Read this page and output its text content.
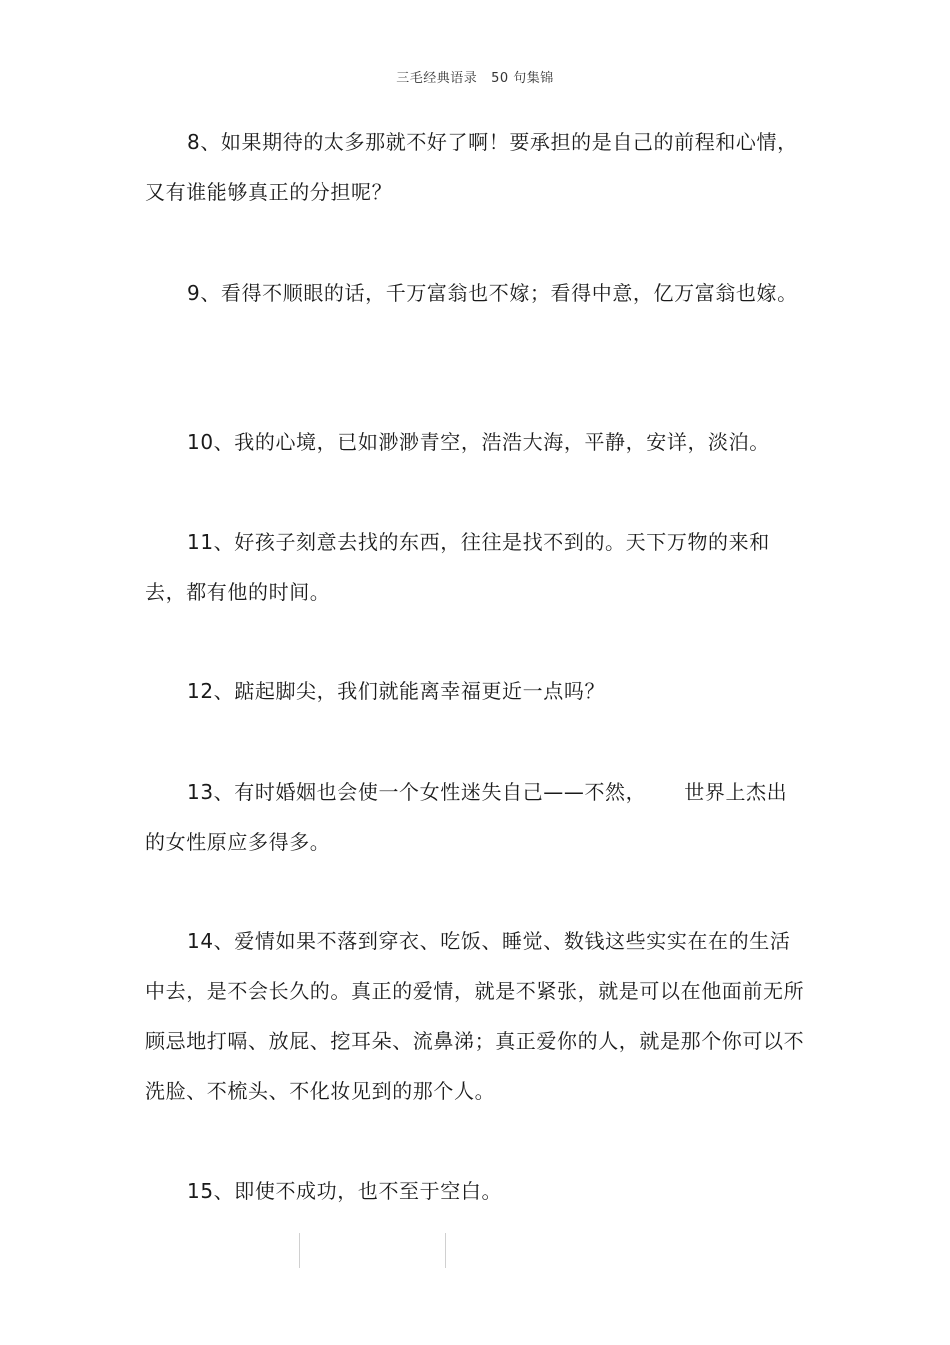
三毛经典语录 50 句集锦

8、如果期待的太多那就不好了啊！要承担的是自己的前程和心情，又有谁能够真正的分担呢？

9、看得不顺眼的话，千万富翁也不嫁；看得中意，亿万富翁也嫁。

10、我的心境，已如渺渺青空，浩浩大海，平静，安详，淡泊。

11、好孩子刻意去找的东西，往往是找不到的。天下万物的来和去，都有他的时间。

12、踮起脚尖，我们就能离幸福更近一点吗？

13、有时婚姻也会使一个女性迷失自己——不然， 世界上杰出的女性原应多得多。

14、爱情如果不落到穿衣、吃饭、睡觉、数钱这些实实在在的生活中去，是不会长久的。真正的爱情，就是不紧张，就是可以在他面前无所顾忌地打嗝、放屁、挖耳朵、流鼻涕；真正爱你的人，就是那个你可以不洗脸、不梳头、不化妆见到的那个人。

15、即使不成功，也不至于空白。
